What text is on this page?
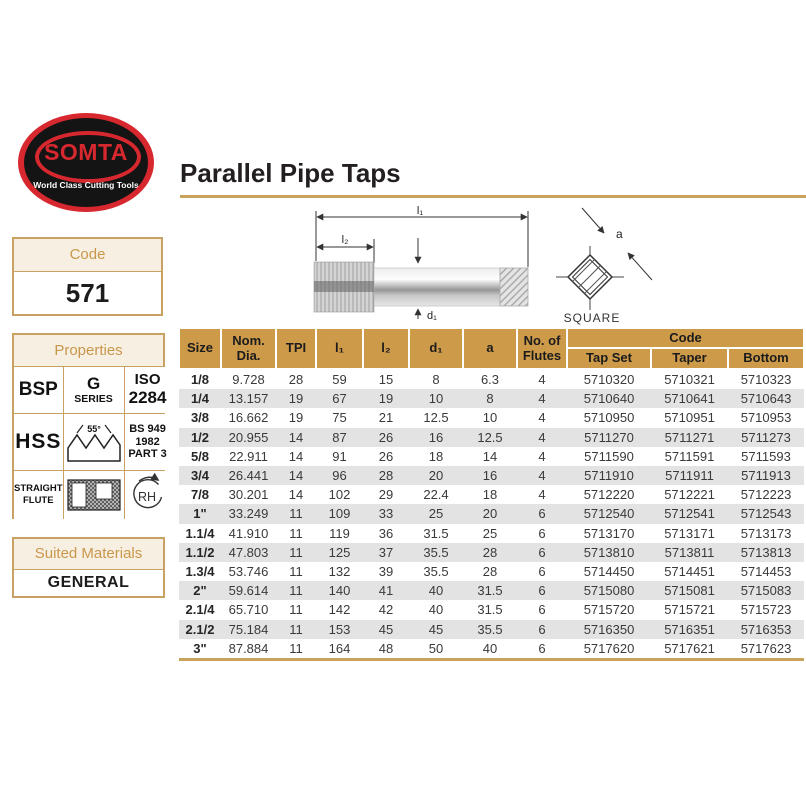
SOMTA
World Class Cutting Tools	Parallel Pipe Taps
l₁
l₂
d₁
a
SQUARE
Code
571
Properties
BSP G
SERIES
ISO
2284
HSS
55°	BS 949
1982
PART 3
STRAIGHT
FLUTE	RH
Suited Materials
GENERAL
Size	Nom. Dia.	TPI	l₁	l₂	d₁	a	No. of Flutes	Code		
								Tap Set	Taper	Bottom
1/8	9.728	28	59	15	8	6.3	4	5710320	5710321	5710323
1/4	13.157	19	67	19	10	8	4	5710640	5710641	5710643
3/8	16.662	19	75	21	12.5	10	4	5710950	5710951	5710953
1/2	20.955	14	87	26	16	12.5	4	5711270	5711271	5711273
5/8	22.911	14	91	26	18	14	4	5711590	5711591	5711593
3/4	26.441	14	96	28	20	16	4	5711910	5711911	5711913
7/8	30.201	14	102	29	22.4	18	4	5712220	5712221	5712223
1"	33.249	11	109	33	25	20	6	5712540	5712541	5712543
1.1/4	41.910	11	119	36	31.5	25	6	5713170	5713171	5713173
1.1/2	47.803	11	125	37	35.5	28	6	5713810	5713811	5713813
1.3/4	53.746	11	132	39	35.5	28	6	5714450	5714451	5714453
2"	59.614	11	140	41	40	31.5	6	5715080	5715081	5715083
2.1/4	65.710	11	142	42	40	31.5	6	5715720	5715721	5715723
2.1/2	75.184	11	153	45	45	35.5	6	5716350	5716351	5716353
3"	87.884	11	164	48	50	40	6	5717620	5717621	5717623
